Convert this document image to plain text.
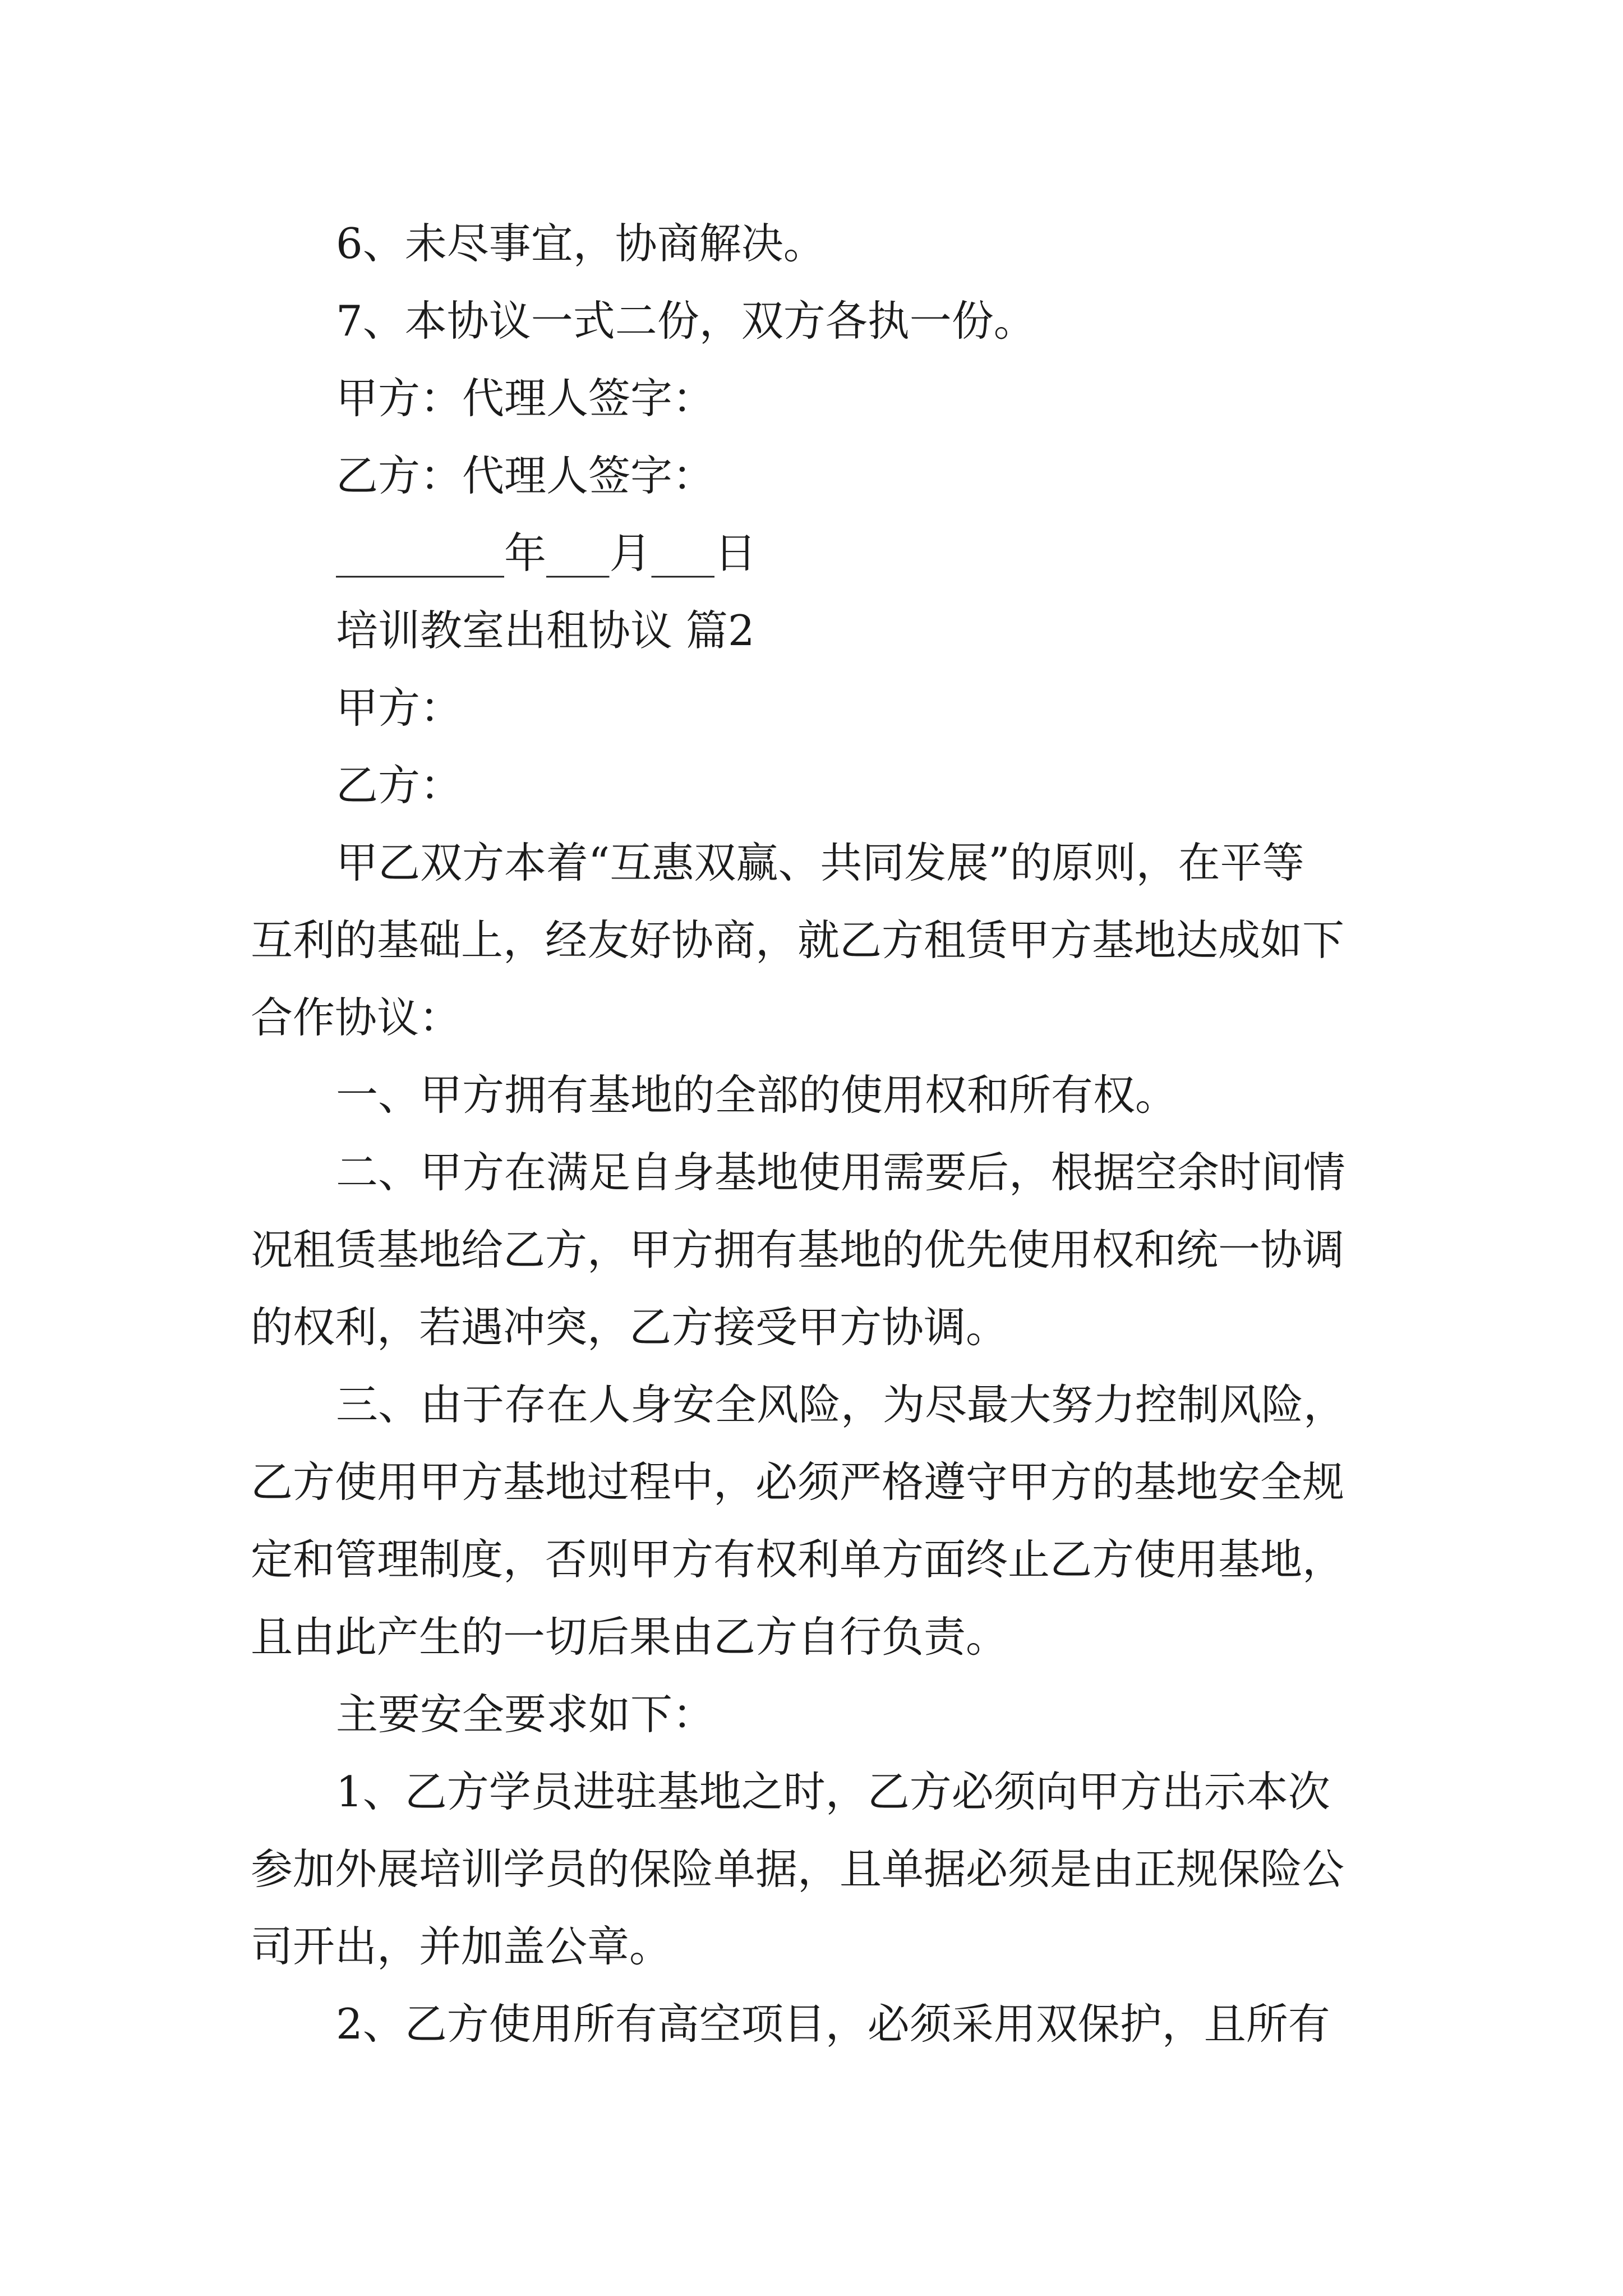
6、未尽事宜，协商解决。

7、本协议一式二份，双方各执一份。

甲方：代理人签字：

乙方：代理人签字：

________年___月___日

培训教室出租协议 篇2

甲方：

乙方：

甲乙双方本着“互惠双赢、共同发展”的原则，在平等

互利的基础上，经友好协商，就乙方租赁甲方基地达成如下

合作协议：

一、甲方拥有基地的全部的使用权和所有权。

二、甲方在满足自身基地使用需要后，根据空余时间情

况租赁基地给乙方，甲方拥有基地的优先使用权和统一协调

的权利，若遇冲突，乙方接受甲方协调。

三、由于存在人身安全风险，为尽最大努力控制风险，

乙方使用甲方基地过程中，必须严格遵守甲方的基地安全规

定和管理制度，否则甲方有权利单方面终止乙方使用基地，

且由此产生的一切后果由乙方自行负责。

主要安全要求如下：

1、乙方学员进驻基地之时，乙方必须向甲方出示本次

参加外展培训学员的保险单据，且单据必须是由正规保险公

司开出，并加盖公章。

2、乙方使用所有高空项目，必须采用双保护，且所有
